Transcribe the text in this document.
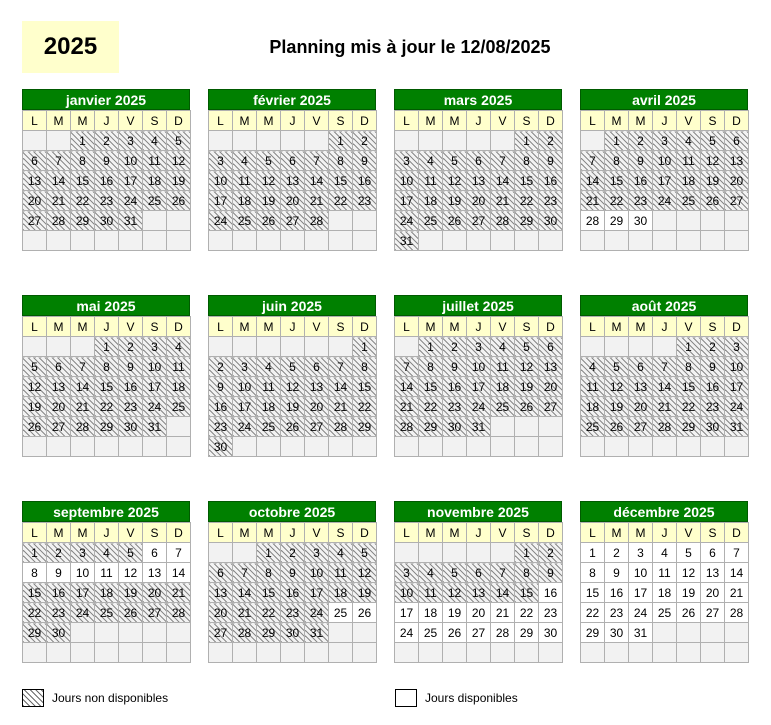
2025	Planning mis à jour le 12/08/2025
janvier 2025
L	M	M	J	V	S	D
		1	2	3	4	5
6	7	8	9	10	11	12
13	14	15	16	17	18	19
20	21	22	23	24	25	26
27	28	29	30	31		

février 2025
L	M	M	J	V	S	D
					1	2
3	4	5	6	7	8	9
10	11	12	13	14	15	16
17	18	19	20	21	22	23
24	25	26	27	28		

mars 2025
L	M	M	J	V	S	D
					1	2
3	4	5	6	7	8	9
10	11	12	13	14	15	16
17	18	19	20	21	22	23
24	25	26	27	28	29	30
31						
avril 2025
L	M	M	J	V	S	D
	1	2	3	4	5	6
7	8	9	10	11	12	13
14	15	16	17	18	19	20
21	22	23	24	25	26	27
28	29	30				

mai 2025
L	M	M	J	V	S	D
			1	2	3	4
5	6	7	8	9	10	11
12	13	14	15	16	17	18
19	20	21	22	23	24	25
26	27	28	29	30	31	

juin 2025
L	M	M	J	V	S	D
						1
2	3	4	5	6	7	8
9	10	11	12	13	14	15
16	17	18	19	20	21	22
23	24	25	26	27	28	29
30						
juillet 2025
L	M	M	J	V	S	D
	1	2	3	4	5	6
7	8	9	10	11	12	13
14	15	16	17	18	19	20
21	22	23	24	25	26	27
28	29	30	31			

août 2025
L	M	M	J	V	S	D
				1	2	3
4	5	6	7	8	9	10
11	12	13	14	15	16	17
18	19	20	21	22	23	24
25	26	27	28	29	30	31

septembre 2025
L	M	M	J	V	S	D
1	2	3	4	5	6	7
8	9	10	11	12	13	14
15	16	17	18	19	20	21
22	23	24	25	26	27	28
29	30					

octobre 2025
L	M	M	J	V	S	D
		1	2	3	4	5
6	7	8	9	10	11	12
13	14	15	16	17	18	19
20	21	22	23	24	25	26
27	28	29	30	31		

novembre 2025
L	M	M	J	V	S	D
					1	2
3	4	5	6	7	8	9
10	11	12	13	14	15	16
17	18	19	20	21	22	23
24	25	26	27	28	29	30

décembre 2025
L	M	M	J	V	S	D
1	2	3	4	5	6	7
8	9	10	11	12	13	14
15	16	17	18	19	20	21
22	23	24	25	26	27	28
29	30	31				

Jours non disponibles	Jours disponibles
